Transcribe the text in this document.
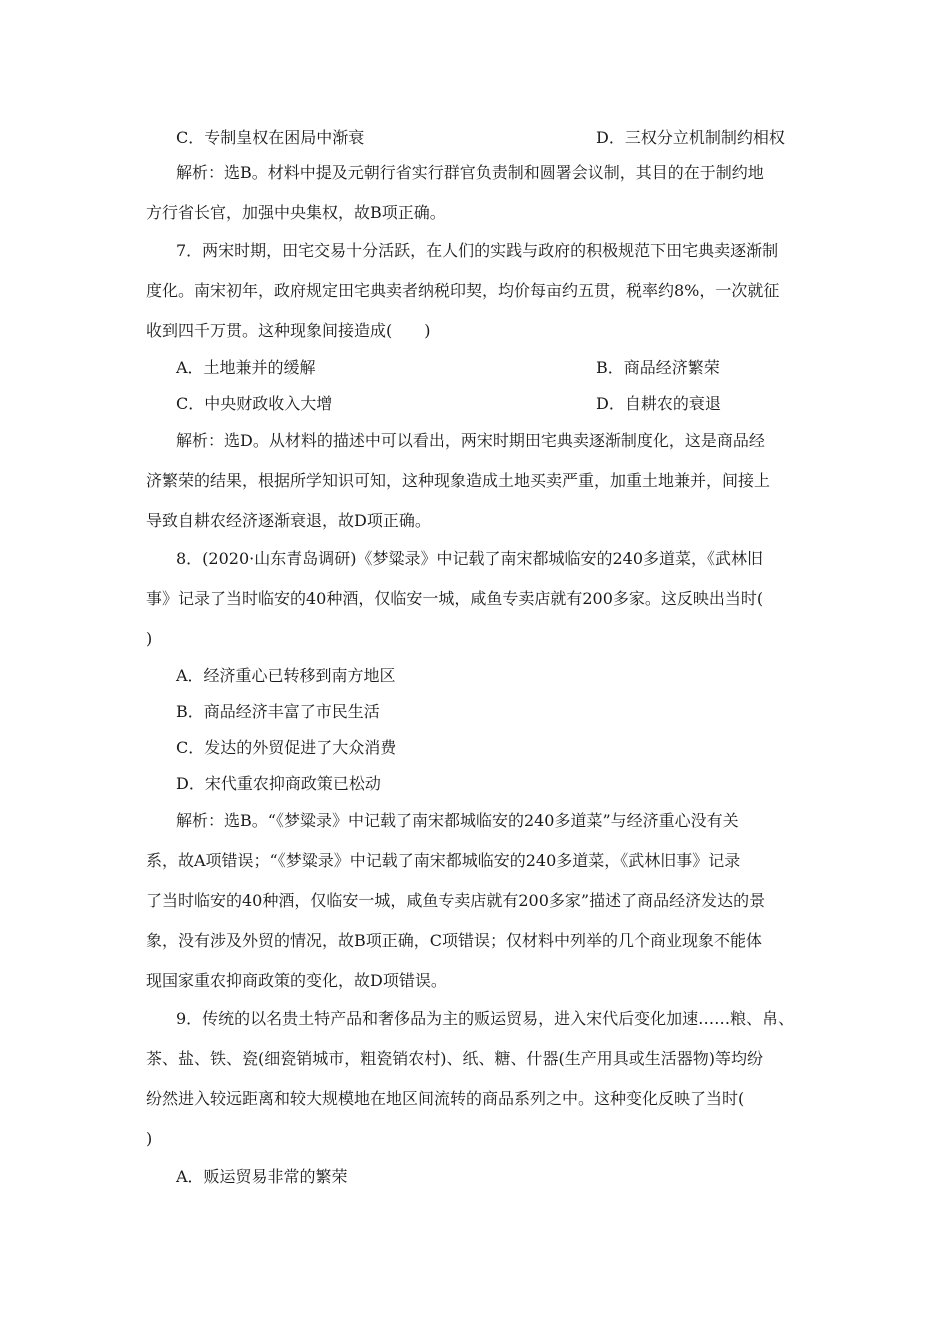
C．专制皇权在困局中渐衰	D．三权分立机制制约相权
解析：选B。材料中提及元朝行省实行群官负责制和圆署会议制，其目的在于制约地
方行省长官，加强中央集权，故B项正确。
7．两宋时期，田宅交易十分活跃，在人们的实践与政府的积极规范下田宅典卖逐渐制
度化。南宋初年，政府规定田宅典卖者纳税印契，均价每亩约五贯，税率约8%，一次就征
收到四千万贯。这种现象间接造成(　　)
A．土地兼并的缓解	B．商品经济繁荣
C．中央财政收入大增	D．自耕农的衰退
解析：选D。从材料的描述中可以看出，两宋时期田宅典卖逐渐制度化，这是商品经
济繁荣的结果，根据所学知识可知，这种现象造成土地买卖严重，加重土地兼并，间接上
导致自耕农经济逐渐衰退，故D项正确。
8．(2020·山东青岛调研)《梦粱录》中记载了南宋都城临安的240多道菜，《武林旧
事》记录了当时临安的40种酒，仅临安一城，咸鱼专卖店就有200多家。这反映出当时(
)
A．经济重心已转移到南方地区
B．商品经济丰富了市民生活
C．发达的外贸促进了大众消费
D．宋代重农抑商政策已松动
解析：选B。“《梦粱录》中记载了南宋都城临安的240多道菜”与经济重心没有关
系，故A项错误；“《梦粱录》中记载了南宋都城临安的240多道菜，《武林旧事》记录
了当时临安的40种酒，仅临安一城，咸鱼专卖店就有200多家”描述了商品经济发达的景
象，没有涉及外贸的情况，故B项正确，C项错误；仅材料中列举的几个商业现象不能体
现国家重农抑商政策的变化，故D项错误。
9．传统的以名贵土特产品和奢侈品为主的贩运贸易，进入宋代后变化加速……粮、帛、
茶、盐、铁、瓷(细瓷销城市，粗瓷销农村)、纸、糖、什器(生产用具或生活器物)等均纷
纷然进入较远距离和较大规模地在地区间流转的商品系列之中。这种变化反映了当时(
)
A．贩运贸易非常的繁荣
